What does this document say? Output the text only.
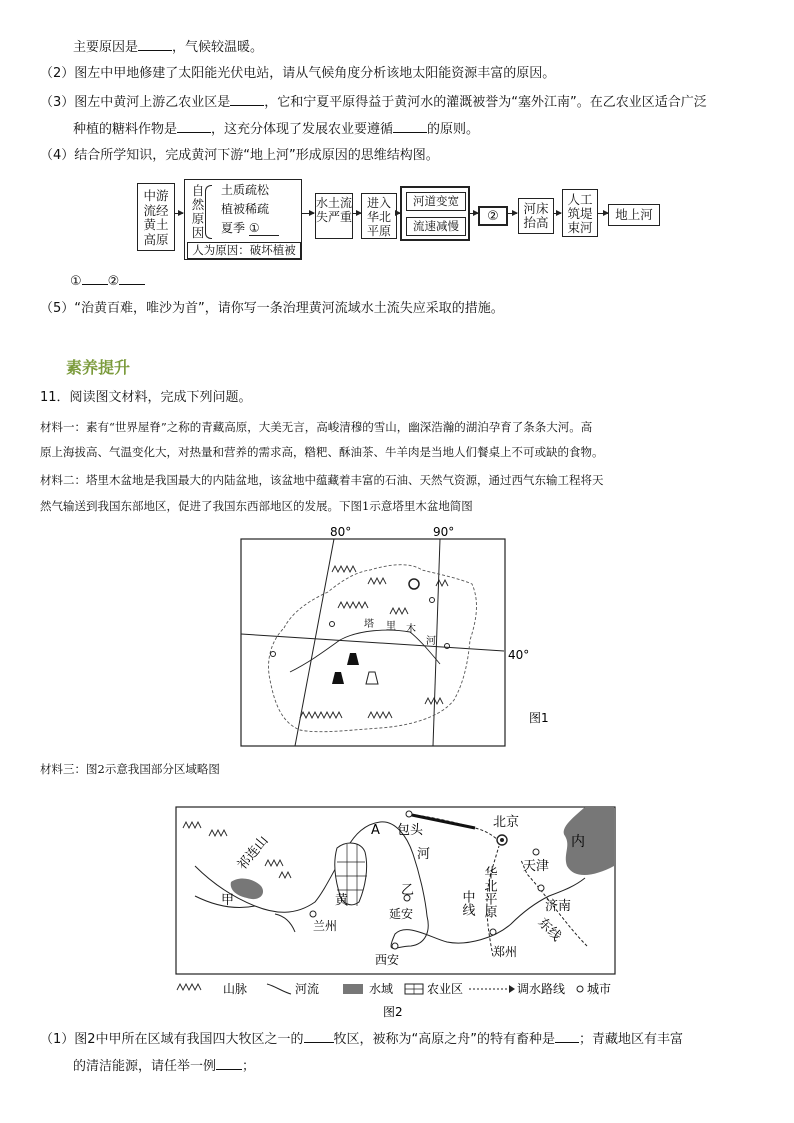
主要原因是	，气候较温暖。
（2）图左中甲地修建了太阳能光伏电站，请从气候角度分析该地太阳能资源丰富的原因。
（3）图左中黄河上游乙农业区是	，它和宁夏平原得益于黄河水的灌溉被誉为“塞外江南”。在乙农业区适合广泛
种植的糖料作物是	，这充分体现了发展农业要遵循	的原则。
（4）结合所学知识，完成黄河下游“地上河”形成原因的思维结构图。
中游流经黄土高原
自然原因
土质疏松
植被稀疏
夏季 ①
人为原因：破坏植被
水土流失严重
进入华北平原
河道变宽
流速减慢
②
河床抬高
人工筑堤束河
地上河
① ②
（5）“治黄百难，唯沙为首”，请你写一条治理黄河流域水土流失应采取的措施。
素养提升
11．阅读图文材料，完成下列问题。
材料一：素有“世界屋脊”之称的青藏高原，大美无言，高峻清穆的雪山，幽深浩瀚的湖泊孕育了条条大河。高
原上海拔高、气温变化大，对热量和营养的需求高，糌粑、酥油茶、牛羊肉是当地人们餐桌上不可或缺的食物。
材料二：塔里木盆地是我国最大的内陆盆地，该盆地中蕴藏着丰富的石油、天然气资源，通过西气东输工程将天
然气输送到我国东部地区，促进了我国东西部地区的发展。下图1示意塔里木盆地简图
80°	90°
40°
塔 里 木
河
图1
材料三：图2示意我国部分区域略图
祁连山
甲
A 包头
北京
内
天津
河
华北平原
黄
乙
延安	中线	济南
东线
兰州
西安
郑州
山脉	河流	水域	农业区	调水路线 城市
图2
（1）图2中甲所在区域有我国四大牧区之一的 牧区，被称为“高原之舟”的特有畜种是 ；青藏地区有丰富
的清洁能源，请任举一例 ；
